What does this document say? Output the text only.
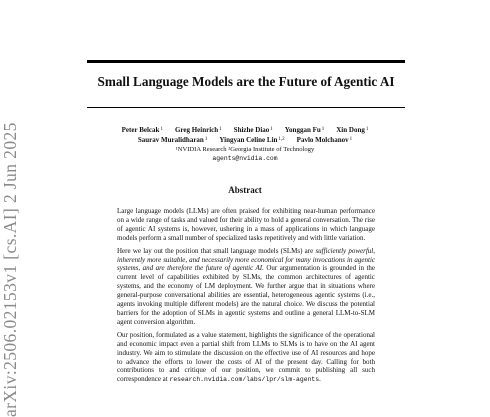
Small Language Models are the Future of Agentic AI
Peter Belcak$^1$ Greg Heinrich$^1$ Shizhe Diao$^1$ Yonggan Fu$^1$ Xin Dong$^1$
Saurav Muralidharan$^1$ Yingyan Celine Lin$^{1,2}$ Pavlo Molchanov$^1$
¹NVIDIA Research ²Georgia Institute of Technology
agents@nvidia.com
Abstract

Large language models (LLMs) are often praised for exhibiting near-human performance on a wide range of tasks and valued for their ability to hold a general conversation. The rise of agentic AI systems is, however, ushering in a mass of applications in which language models perform a small number of specialized tasks repetitively and with little variation.

Here we lay out the position that small language models (SLMs) are sufficiently powerful, inherently more suitable, and necessarily more economical for many invocations in agentic systems, and are therefore the future of agentic AI. Our argumentation is grounded in the current level of capabilities exhibited by SLMs, the common architectures of agentic systems, and the economy of LM deployment. We further argue that in situations where general-purpose conversational abilities are essential, heterogeneous agentic systems (i.e., agents invoking multiple different models) are the natural choice. We discuss the potential barriers for the adoption of SLMs in agentic systems and outline a general LLM-to-SLM agent conversion algorithm.

Our position, formulated as a value statement, highlights the significance of the operational and economic impact even a partial shift from LLMs to SLMs is to have on the AI agent industry. We aim to stimulate the discussion on the effective use of AI resources and hope to advance the efforts to lower the costs of AI of the present day. Calling for both contributions to and critique of our position, we commit to publishing all such correspondence at research.nvidia.com/labs/lpr/slm-agents.

arXiv:2506.02153v1 [cs.AI] 2 Jun 2025
